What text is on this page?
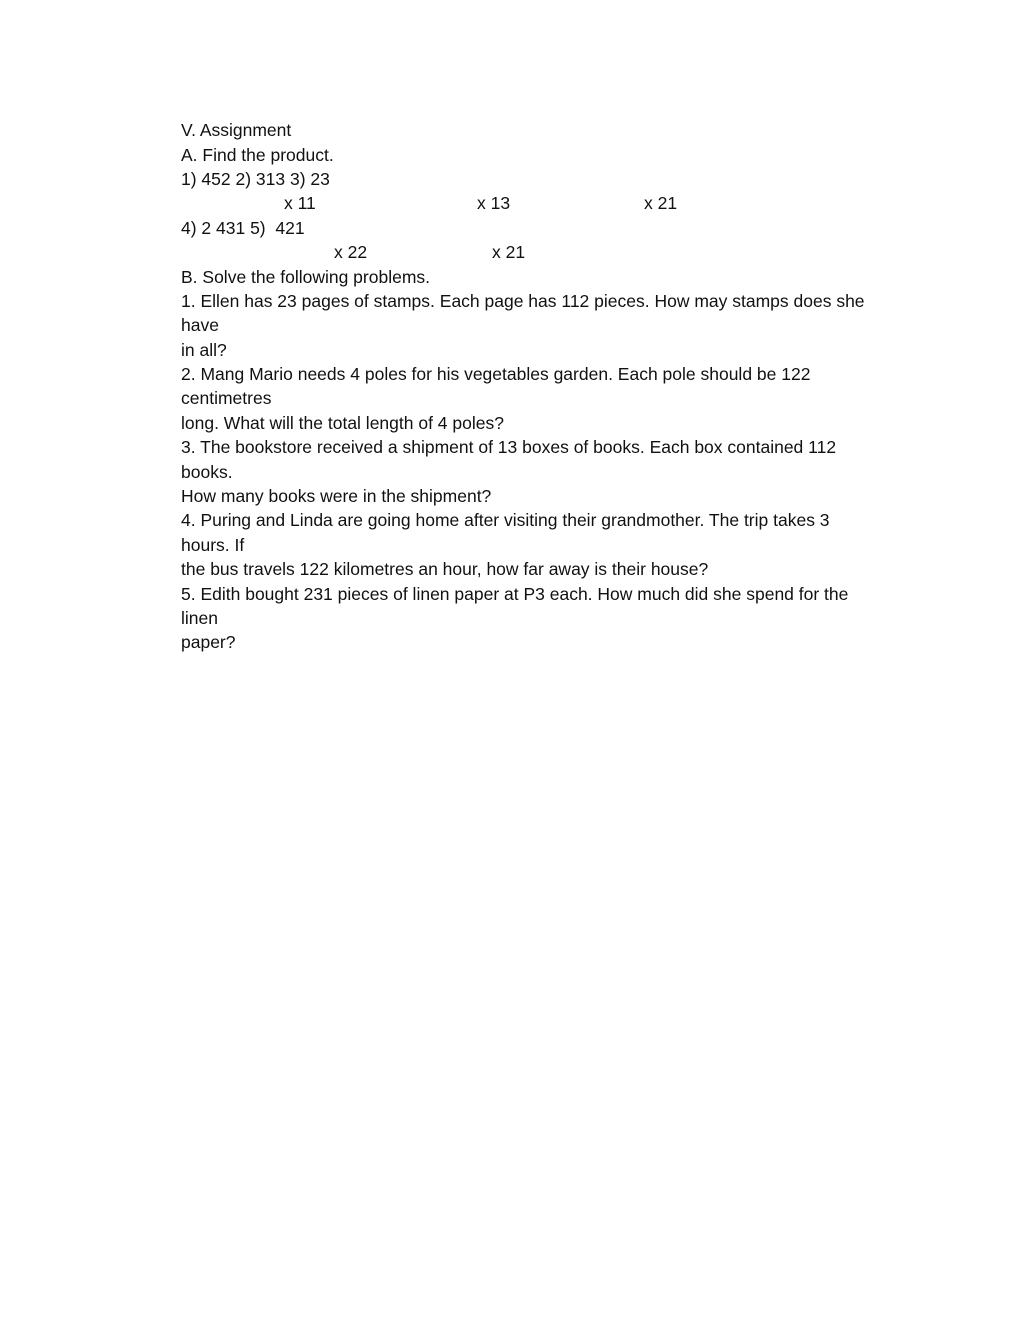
V. Assignment
A. Find the product.
1) 452 2) 313 3) 23
x 11	x 13	x 21
4) 2 431 5)  421
x 22	x 21
B. Solve the following problems.
1. Ellen has 23 pages of stamps. Each page has 112 pieces. How may stamps does she
have
in all?
2. Mang Mario needs 4 poles for his vegetables garden. Each pole should be 122
centimetres
long. What will the total length of 4 poles?
3. The bookstore received a shipment of 13 boxes of books. Each box contained 112
books.
How many books were in the shipment?
4. Puring and Linda are going home after visiting their grandmother. The trip takes 3
hours. If
the bus travels 122 kilometres an hour, how far away is their house?
5. Edith bought 231 pieces of linen paper at P3 each. How much did she spend for the
linen
paper?
